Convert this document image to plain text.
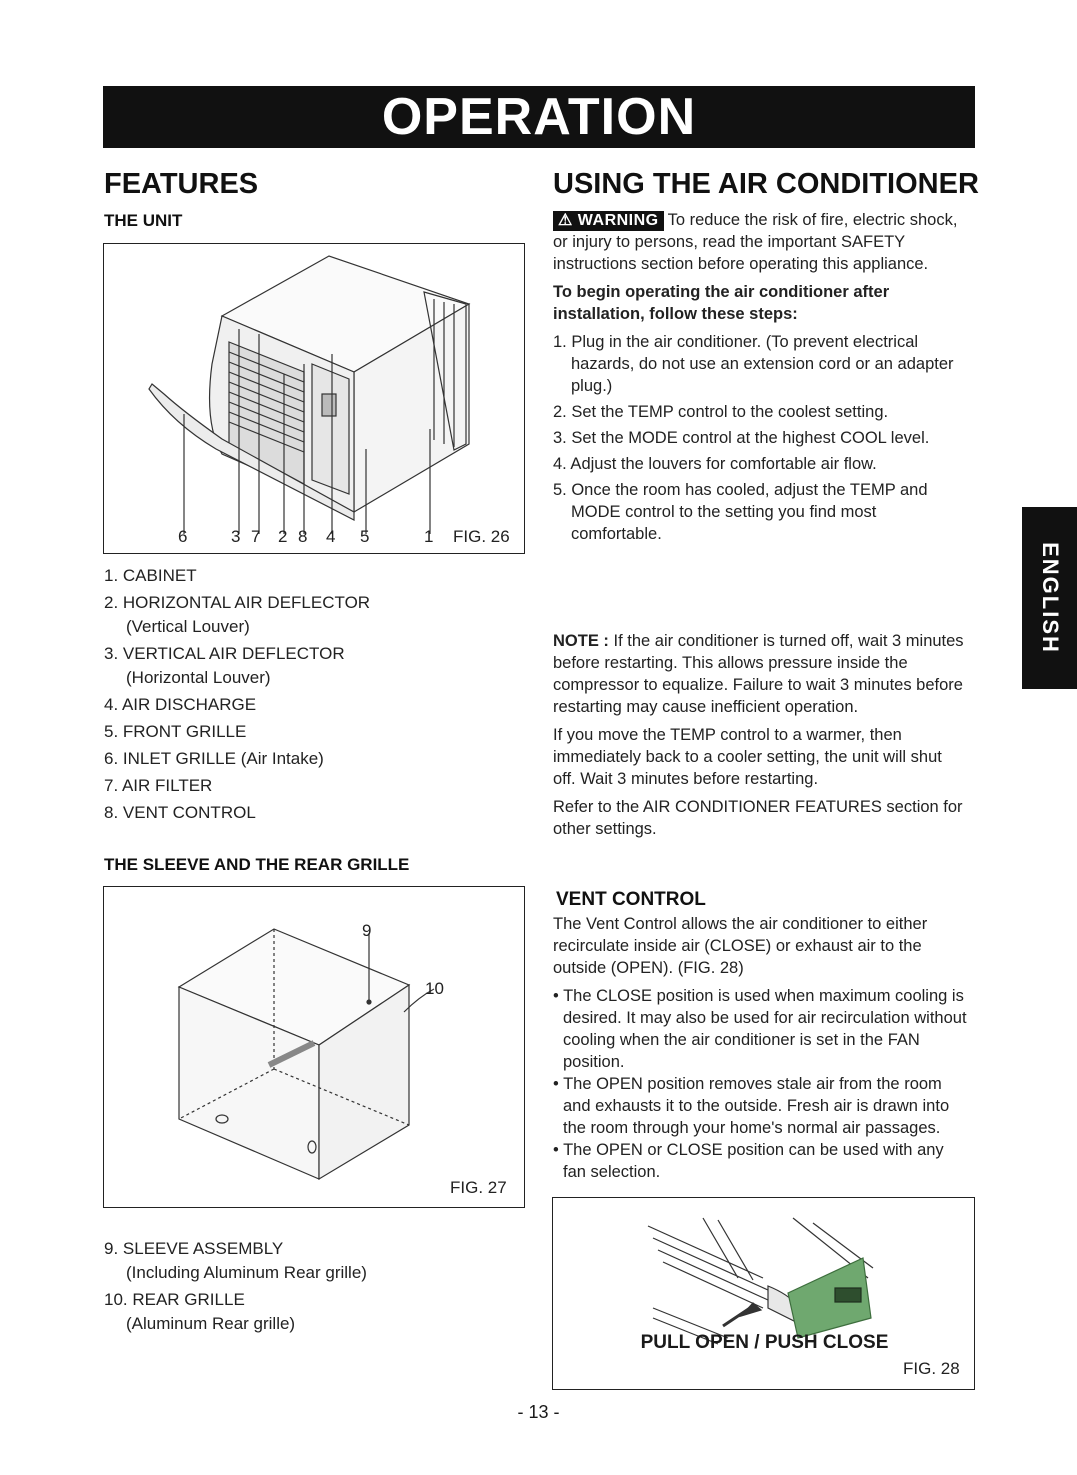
OPERATION
FEATURES
THE UNIT
6	3 7 2 8 4 5	1 FIG. 26
1. CABINET
2. HORIZONTAL AIR DEFLECTOR
(Vertical Louver)
3. VERTICAL AIR DEFLECTOR
(Horizontal Louver)
4. AIR DISCHARGE
5. FRONT GRILLE
6. INLET GRILLE (Air Intake)
7. AIR FILTER
8. VENT CONTROL
THE SLEEVE AND THE REAR GRILLE
9
10
FIG. 27
9. SLEEVE ASSEMBLY
(Including Aluminum Rear grille)
10. REAR GRILLE
(Aluminum Rear grille)
USING THE AIR CONDITIONER

⚠ WARNING To reduce the risk of fire, electric shock, or injury to persons, read the important SAFETY instructions section before operating this appliance.

To begin operating the air conditioner after installation, follow these steps:

1. Plug in the air conditioner. (To prevent electrical hazards, do not use an extension cord or an adapter plug.)
2. Set the TEMP control to the coolest setting.
3. Set the MODE control at the highest COOL level.
4. Adjust the louvers for comfortable air flow.
5. Once the room has cooled, adjust the TEMP and MODE control to the setting you find most comfortable.

NOTE : If the air conditioner is turned off, wait 3 minutes before restarting. This allows pressure inside the compressor to equalize. Failure to wait 3 minutes before restarting may cause inefficient operation.

If you move the TEMP control to a warmer, then immediately back to a cooler setting, the unit will shut off. Wait 3 minutes before restarting.

Refer to the AIR CONDITIONER FEATURES section for other settings.

VENT CONTROL

The Vent Control allows the air conditioner to either recirculate inside air (CLOSE) or exhaust air to the outside (OPEN). (FIG. 28)

• The CLOSE position is used when maximum cooling is desired. It may also be used for air recirculation without cooling when the air conditioner is set in the FAN position.
• The OPEN position removes stale air from the room and exhausts it to the outside. Fresh air is drawn into the room through your home's normal air passages.
• The OPEN or CLOSE position can be used with any fan selection.
PULL OPEN / PUSH CLOSE
FIG. 28
ENGLISH
- 13 -
